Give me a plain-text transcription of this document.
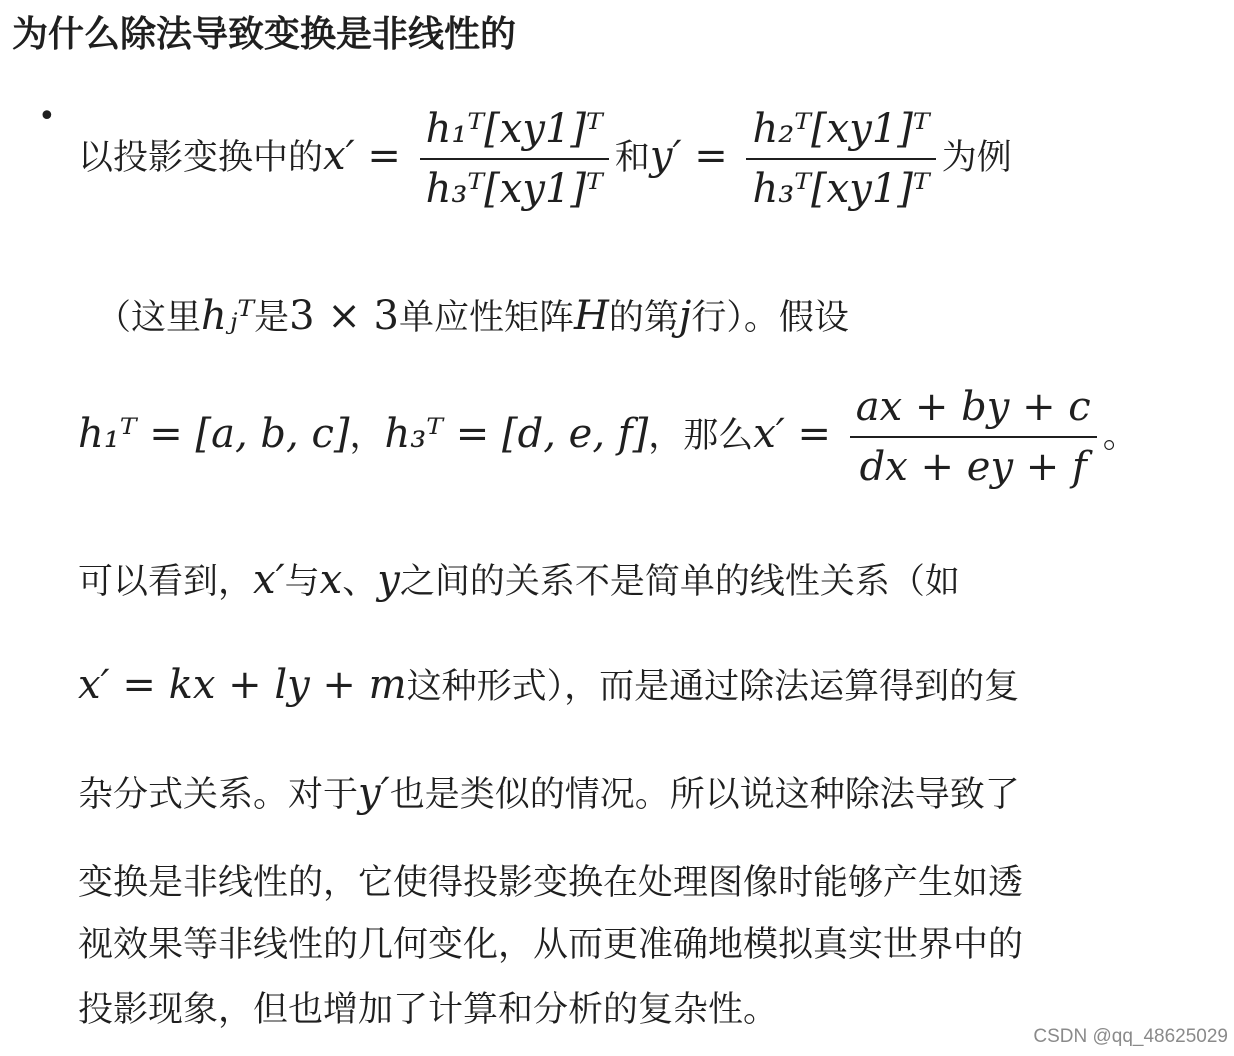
为什么除法导致变换是非线性的
•
以投影变换中的$x' = \frac{\text{h₁ᵀ[xy1]ᵀ}}{\text{h₃ᵀ[xy1]ᵀ}}$ 和$y' = \frac{\text{h₂ᵀ[xy1]ᵀ}}{\text{h₃ᵀ[xy1]ᵀ}}$ 为例
（这里hⱼᵀ是3 × 3单应性矩阵H的第j行）。假设
h₁ᵀ = [a, b, c]，h₃ᵀ = [d, e, f]，那么$x' = \frac{ax + by + c}{dx + ey + f}$ 。
可以看到，x′与x、y之间的关系不是简单的线性关系（如
x′ = kx + ly + m这种形式），而是通过除法运算得到的复
杂分式关系。对于y′也是类似的情况。所以说这种除法导致了
变换是非线性的，它使得投影变换在处理图像时能够产生如透
视效果等非线性的几何变化，从而更准确地模拟真实世界中的
投影现象，但也增加了计算和分析的复杂性。
CSDN @qq_48625029
